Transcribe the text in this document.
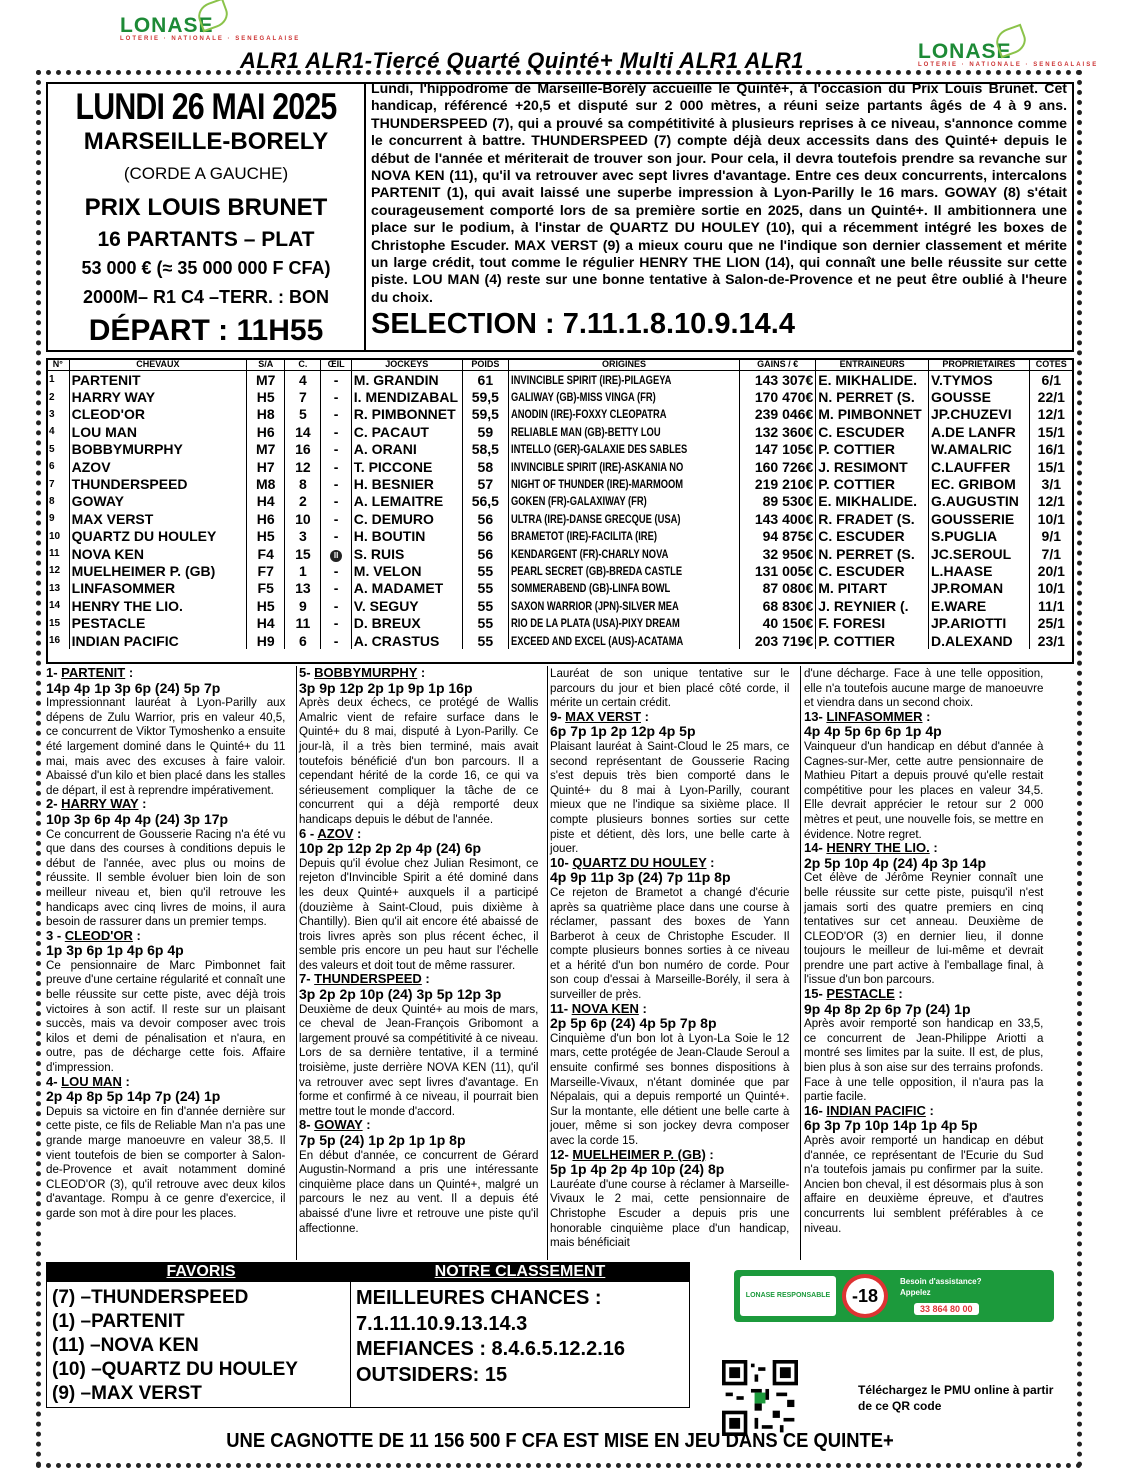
LONASE
LOTERIE · NATIONALE · SENEGALAISE
LONASE
LOTERIE · NATIONALE · SENEGALAISE
ALR1 ALR1-Tiercé Quarté Quinté+ Multi ALR1 ALR1
LUNDI 26 MAI 2025
MARSEILLE-BORELY
(CORDE A GAUCHE)
PRIX LOUIS BRUNET
16 PARTANTS – PLAT
53 000 € (≈ 35 000 000 F CFA)
2000M– R1 C4 –TERR. : BON
DÉPART : 11H55
Lundi, l'hippodrome de Marseille-Borély accueille le Quinté+, à l'occasion du Prix Louis Brunet. Cet handicap, référencé +20,5 et disputé sur 2 000 mètres, a réuni seize partants âgés de 4 à 9 ans. THUNDERSPEED (7), qui a prouvé sa compétitivité à plusieurs reprises à ce niveau, s'annonce comme le concurrent à battre. THUNDERSPEED (7) compte déjà deux accessits dans des Quinté+ depuis le début de l'année et mériterait de trouver son jour. Pour cela, il devra toutefois prendre sa revanche sur NOVA KEN (11), qu'il va retrouver avec sept livres d'avantage. Entre ces deux concurrents, intercalons PARTENIT (1), qui avait laissé une superbe impression à Lyon-Parilly le 16 mars. GOWAY (8) s'était courageusement comporté lors de sa première sortie en 2025, dans un Quinté+. Il ambitionnera une place sur le podium, à l'instar de QUARTZ DU HOULEY (10), qui a récemment intégré les boxes de Christophe Escuder. MAX VERST (9) a mieux couru que ne l'indique son dernier classement et mérite un large crédit, tout comme le régulier HENRY THE LION (14), qui connaît une belle réussite sur cette piste. LOU MAN (4) reste sur une bonne tentative à Salon-de-Provence et ne peut être oublié à l'heure du choix.
SELECTION : 7.11.1.8.10.9.14.4
N°	CHEVAUX	S/A	C.	ŒIL	JOCKEYS	POIDS	ORIGINES	GAINS / €	ENTRAINEURS	PROPRIETAIRES	COTES
1	PARTENIT	M7	4	-	M. GRANDIN	61	INVINCIBLE SPIRIT (IRE)-PILAGEYA	143 307€	E. MIKHALIDE.	V.TYMOS	6/1
2	HARRY WAY	H5	7	-	I. MENDIZABAL	59,5	GALIWAY (GB)-MISS VINGA (FR)	170 470€	N. PERRET (S.	GOUSSE	22/1
3	CLEOD'OR	H8	5	-	R. PIMBONNET	59,5	ANODIN (IRE)-FOXXY CLEOPATRA	239 046€	M. PIMBONNET	JP.CHUZEVI	12/1
4	LOU MAN	H6	14	-	C. PACAUT	59	RELIABLE MAN (GB)-BETTY LOU	132 360€	C. ESCUDER	A.DE LANFR	15/1
5	BOBBYMURPHY	M7	16	-	A. ORANI	58,5	INTELLO (GER)-GALAXIE DES SABLES	147 105€	P. COTTIER	W.AMALRIC	16/1
6	AZOV	H7	12	-	T. PICCONE	58	INVINCIBLE SPIRIT (IRE)-ASKANIA NO	160 726€	J. RESIMONT	C.LAUFFER	15/1
7	THUNDERSPEED	M8	8	-	H. BESNIER	57	NIGHT OF THUNDER (IRE)-MARMOOM	219 210€	P. COTTIER	EC. GRIBOM	3/1
8	GOWAY	H4	2	-	A. LEMAITRE	56,5	GOKEN (FR)-GALAXIWAY (FR)	89 530€	E. MIKHALIDE.	G.AUGUSTIN	12/1
9	MAX VERST	H6	10	-	C. DEMURO	56	ULTRA (IRE)-DANSE GRECQUE (USA)	143 400€	R. FRADET (S.	GOUSSERIE	10/1
10	QUARTZ DU HOULEY	H5	3	-	H. BOUTIN	56	BRAMETOT (IRE)-FACILITA (IRE)	94 875€	C. ESCUDER	S.PUGLIA	9/1
11	NOVA KEN	F4	15	II	S. RUIS	56	KENDARGENT (FR)-CHARLY NOVA	32 950€	N. PERRET (S.	JC.SEROUL	7/1
12	MUELHEIMER P. (GB)	F7	1	-	M. VELON	55	PEARL SECRET (GB)-BREDA CASTLE	131 005€	C. ESCUDER	L.HAASE	20/1
13	LINFASOMMER	F5	13	-	A. MADAMET	55	SOMMERABEND (GB)-LINFA BOWL	87 080€	M. PITART	JP.ROMAN	10/1
14	HENRY THE LIO.	H5	9	-	V. SEGUY	55	SAXON WARRIOR (JPN)-SILVER MEA	68 830€	J. REYNIER (.	E.WARE	11/1
15	PESTACLE	H4	11	-	D. BREUX	55	RIO DE LA PLATA (USA)-PIXY DREAM	40 150€	F. FORESI	JP.ARIOTTI	25/1
16	INDIAN PACIFIC	H9	6	-	A. CRASTUS	55	EXCEED AND EXCEL (AUS)-ACATAMA	203 719€	P. COTTIER	D.ALEXAND	23/1
1- PARTENIT :
14p 4p 1p 3p 6p (24) 5p 7p

Impressionnant lauréat à Lyon-Parilly aux dépens de Zulu Warrior, pris en valeur 40,5, ce concurrent de Viktor Tymoshenko a ensuite été largement dominé dans le Quinté+ du 11 mai, mais avec des excuses à faire valoir. Abaissé d'un kilo et bien placé dans les stalles de départ, il est à reprendre impérativement.

2- HARRY WAY :
10p 3p 6p 4p 4p (24) 3p 17p

Ce concurrent de Gousserie Racing n'a été vu que dans des courses à conditions depuis le début de l'année, avec plus ou moins de réussite. Il semble évoluer bien loin de son meilleur niveau et, bien qu'il retrouve les handicaps avec cinq livres de moins, il aura besoin de rassurer dans un premier temps.

3 - CLEOD'OR :
1p 3p 6p 1p 4p 6p 4p

Ce pensionnaire de Marc Pimbonnet fait preuve d'une certaine régularité et connaît une belle réussite sur cette piste, avec déjà trois victoires à son actif. Il reste sur un plaisant succès, mais va devoir composer avec trois kilos et demi de pénalisation et n'aura, en outre, pas de décharge cette fois. Affaire d'impression.

4- LOU MAN :
2p 4p 8p 5p 14p 7p (24) 1p

Depuis sa victoire en fin d'année dernière sur cette piste, ce fils de Reliable Man n'a pas une grande marge manoeuvre en valeur 38,5. Il vient toutefois de bien se comporter à Salon-de-Provence et avait notamment dominé CLEOD'OR (3), qu'il retrouve avec deux kilos d'avantage. Rompu à ce genre d'exercice, il garde son mot à dire pour les places.

5- BOBBYMURPHY :
3p 9p 12p 2p 1p 9p 1p 16p

Après deux échecs, ce protégé de Wallis Amalric vient de refaire surface dans le Quinté+ du 8 mai, disputé à Lyon-Parilly. Ce jour-là, il a très bien terminé, mais avait toutefois bénéficié d'un bon parcours. Il a cependant hérité de la corde 16, ce qui va sérieusement compliquer la tâche de ce concurrent qui a déjà remporté deux handicaps depuis le début de l'année.

6 - AZOV :
10p 2p 12p 2p 2p 4p (24) 6p

Depuis qu'il évolue chez Julian Resimont, ce rejeton d'Invincible Spirit a été dominé dans les deux Quinté+ auxquels il a participé (douzième à Saint-Cloud, puis dixième à Chantilly). Bien qu'il ait encore été abaissé de trois livres après son plus récent échec, il semble pris encore un peu haut sur l'échelle des valeurs et doit tout de même rassurer.

7- THUNDERSPEED :
3p 2p 2p 10p (24) 3p 5p 12p 3p

Deuxième de deux Quinté+ au mois de mars, ce cheval de Jean-François Gribomont a largement prouvé sa compétitivité à ce niveau. Lors de sa dernière tentative, il a terminé troisième, juste derrière NOVA KEN (11), qu'il va retrouver avec sept livres d'avantage. En forme et confirmé à ce niveau, il pourrait bien mettre tout le monde d'accord.

8- GOWAY :
7p 5p (24) 1p 2p 1p 1p 8p

En début d'année, ce concurrent de Gérard Augustin-Normand a pris une intéressante cinquième place dans un Quinté+, malgré un parcours le nez au vent. Il a depuis été abaissé d'une livre et retrouve une piste qu'il affectionne.

Lauréat de son unique tentative sur le parcours du jour et bien placé côté corde, il mérite un certain crédit.

9- MAX VERST :
6p 7p 1p 2p 12p 4p 5p

Plaisant lauréat à Saint-Cloud le 25 mars, ce second représentant de Gousserie Racing s'est depuis très bien comporté dans le Quinté+ du 8 mai à Lyon-Parilly, courant mieux que ne l'indique sa sixième place. Il compte plusieurs bonnes sorties sur cette piste et détient, dès lors, une belle carte à jouer.

10- QUARTZ DU HOULEY :
4p 9p 11p 3p (24) 7p 11p 8p

Ce rejeton de Brametot a changé d'écurie après sa quatrième place dans une course à réclamer, passant des boxes de Yann Barberot à ceux de Christophe Escuder. Il compte plusieurs bonnes sorties à ce niveau et a hérité d'un bon numéro de corde. Pour son coup d'essai à Marseille-Borély, il sera à surveiller de près.

11- NOVA KEN :
2p 5p 6p (24) 4p 5p 7p 8p

Cinquième d'un bon lot à Lyon-La Soie le 12 mars, cette protégée de Jean-Claude Seroul a ensuite confirmé ses bonnes dispositions à Marseille-Vivaux, n'étant dominée que par Népalais, qui a depuis remporté un Quinté+. Sur la montante, elle détient une belle carte à jouer, même si son jockey devra composer avec la corde 15.

12- MUELHEIMER P. (GB) :
5p 1p 4p 2p 4p 10p (24) 8p

Lauréate d'une course à réclamer à Marseille-Vivaux le 2 mai, cette pensionnaire de Christophe Escuder a depuis pris une honorable cinquième place d'un handicap, mais bénéficiait

d'une décharge. Face à une telle opposition, elle n'a toutefois aucune marge de manoeuvre et viendra dans un second choix.

13- LINFASOMMER :
4p 4p 5p 6p 6p 1p 4p

Vainqueur d'un handicap en début d'année à Cagnes-sur-Mer, cette autre pensionnaire de Mathieu Pitart a depuis prouvé qu'elle restait compétitive pour les places en valeur 34,5. Elle devrait apprécier le retour sur 2 000 mètres et peut, une nouvelle fois, se mettre en évidence. Notre regret.

14- HENRY THE LIO. :
2p 5p 10p 4p (24) 4p 3p 14p

Cet élève de Jérôme Reynier connaît une belle réussite sur cette piste, puisqu'il n'est jamais sorti des quatre premiers en cinq tentatives sur cet anneau. Deuxième de CLEOD'OR (3) en dernier lieu, il donne toujours le meilleur de lui-même et devrait prendre une part active à l'emballage final, à l'issue d'un bon parcours.

15- PESTACLE :
9p 4p 8p 2p 6p 7p (24) 1p

Après avoir remporté son handicap en 33,5, ce concurrent de Jean-Philippe Ariotti a montré ses limites par la suite. Il est, de plus, bien plus à son aise sur des terrains profonds. Face à une telle opposition, il n'aura pas la partie facile.

16- INDIAN PACIFIC :
6p 3p 7p 10p 14p 1p 4p 5p

Après avoir remporté un handicap en début d'année, ce représentant de l'Ecurie du Sud n'a toutefois jamais pu confirmer par la suite. Ancien bon cheval, il est désormais plus à son affaire en deuxième épreuve, et d'autres concurrents lui semblent préférables à ce niveau.

FAVORIS	NOTRE CLASSEMENT
(7) –THUNDERSPEED
(1) –PARTENIT
(11) –NOVA KEN
(10) –QUARTZ DU HOULEY
(9) –MAX VERST
MEILLEURES CHANCES :
7.1.11.10.9.13.14.3
MEFIANCES : 8.4.6.5.12.2.16
OUTSIDERS: 15
LONASE RESPONSABLE	-18
Besoin d'assistance?
Appelez
33 864 80 00
Téléchargez le PMU online à partir de ce QR code
UNE CAGNOTTE DE 11 156 500 F CFA EST MISE EN JEU DANS CE QUINTE+
